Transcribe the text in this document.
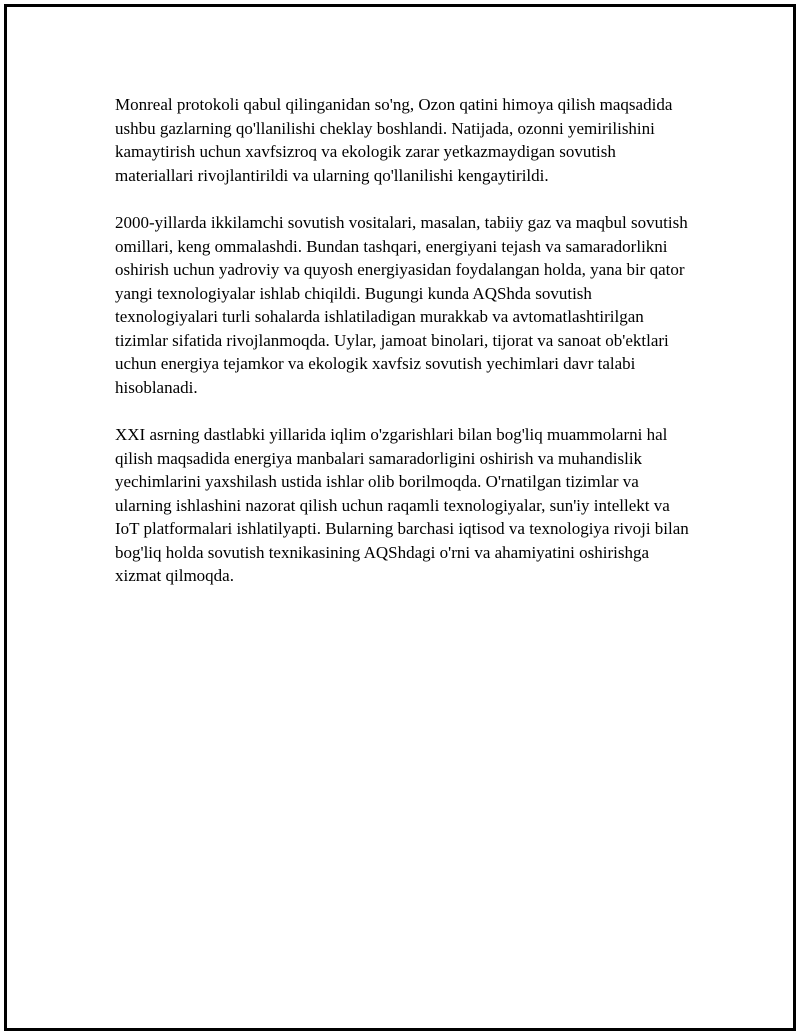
Monreal protokoli qabul qilinganidan so'ng, Ozon qatini himoya qilish maqsadida ushbu gazlarning qo'llanilishi cheklay boshlandi. Natijada, ozonni yemirilishini kamaytirish uchun xavfsizroq va ekologik zarar yetkazmaydigan sovutish materiallari rivojlantirildi va ularning qo'llanilishi kengaytirildi.

2000-yillarda ikkilamchi sovutish vositalari, masalan, tabiiy gaz va maqbul sovutish omillari, keng ommalashdi. Bundan tashqari, energiyani tejash va samaradorlikni oshirish uchun yadroviy va quyosh energiyasidan foydalangan holda, yana bir qator yangi texnologiyalar ishlab chiqildi. Bugungi kunda AQShda sovutish texnologiyalari turli sohalarda ishlatiladigan murakkab va avtomatlashtirilgan tizimlar sifatida rivojlanmoqda. Uylar, jamoat binolari, tijorat va sanoat ob'ektlari uchun energiya tejamkor va ekologik xavfsiz sovutish yechimlari davr talabi hisoblanadi.

XXI asrning dastlabki yillarida iqlim o'zgarishlari bilan bog'liq muammolarni hal qilish maqsadida energiya manbalari samaradorligini oshirish va muhandislik yechimlarini yaxshilash ustida ishlar olib borilmoqda. O'rnatilgan tizimlar va ularning ishlashini nazorat qilish uchun raqamli texnologiyalar, sun'iy intellekt va IoT platformalari ishlatilyapti. Bularning barchasi iqtisod va texnologiya rivoji bilan bog'liq holda sovutish texnikasining AQShdagi o'rni va ahamiyatini oshirishga xizmat qilmoqda.
